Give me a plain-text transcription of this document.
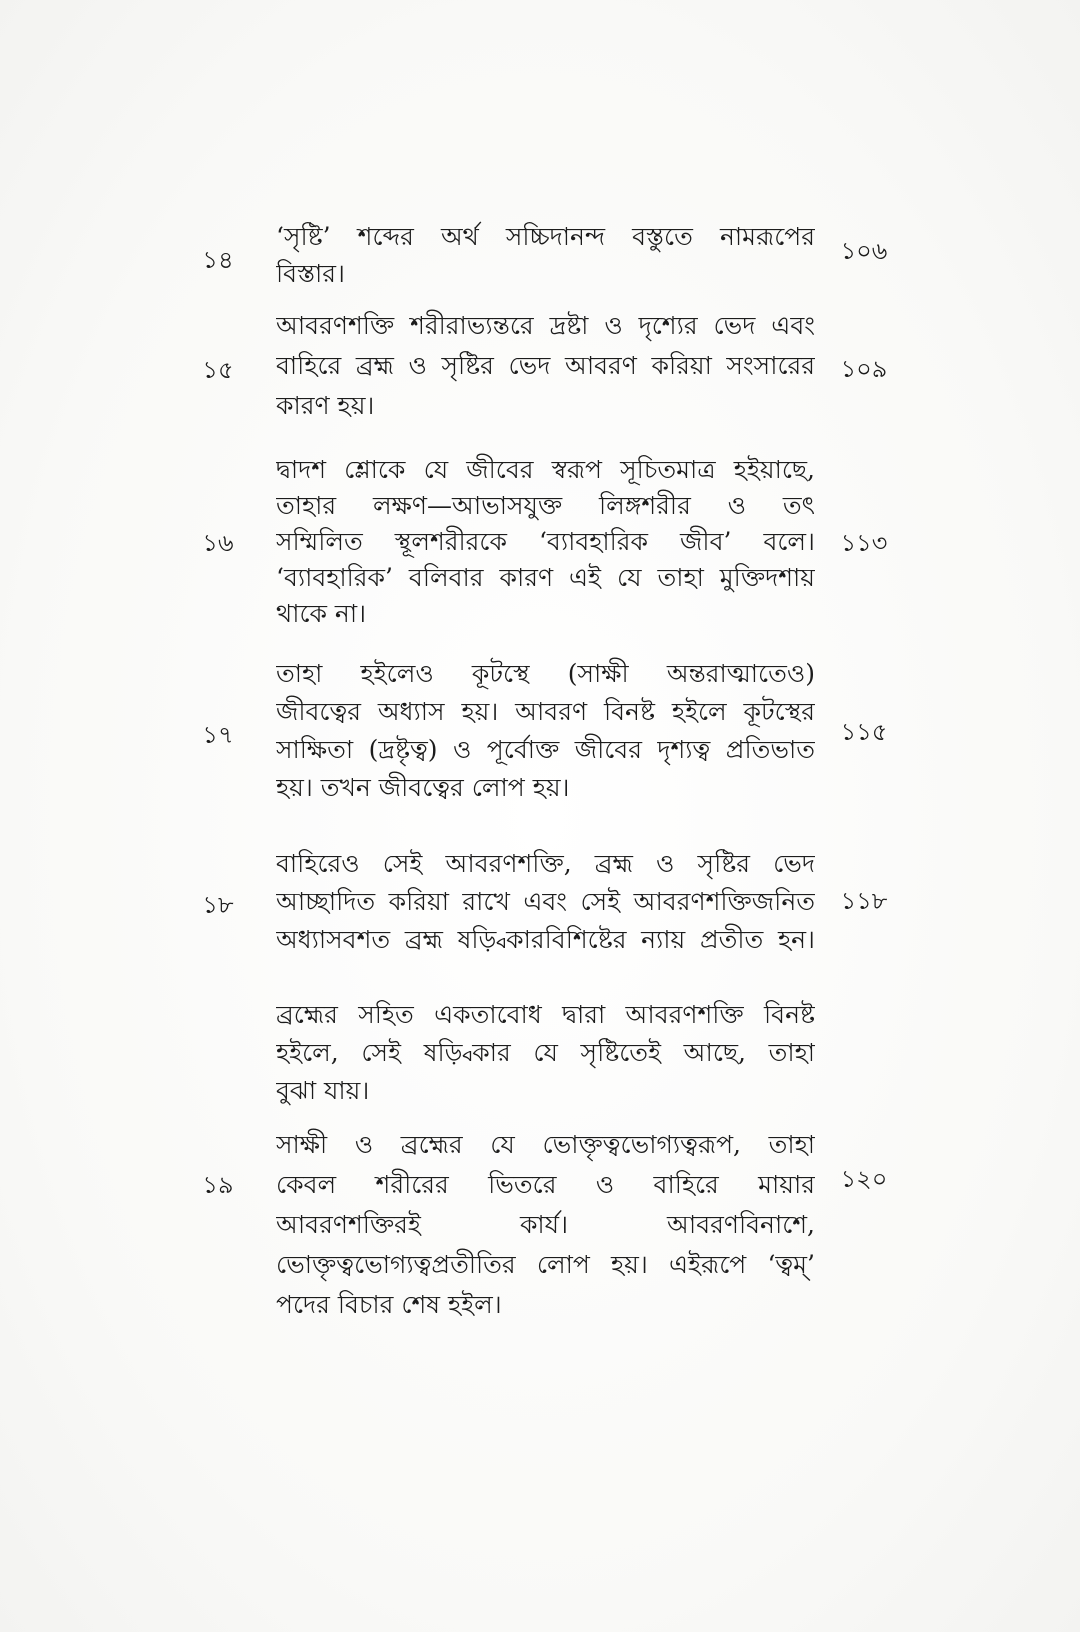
১৪
‘সৃষ্টি’ শব্দের অর্থ সচ্চিদানন্দ বস্তুতে নামরূপের
বিস্তার।
১০৬
১৫
আবরণশক্তি শরীরাভ্যন্তরে দ্রষ্টা ও দৃশ্যের ভেদ এবং
বাহিরে ব্রহ্ম ও সৃষ্টির ভেদ আবরণ করিয়া সংসারের
কারণ হয়।
১০৯
১৬
দ্বাদশ শ্লোকে যে জীবের স্বরূপ সূচিতমাত্র হইয়াছে,
তাহার লক্ষণ—আভাসযুক্ত লিঙ্গশরীর ও তৎ
সম্মিলিত স্থূলশরীরকে ‘ব্যাবহারিক জীব’ বলে।
‘ব্যাবহারিক’ বলিবার কারণ এই যে তাহা মুক্তিদশায়
থাকে না।
১১৩
১৭
তাহা হইলেও কূটস্থে (সাক্ষী অন্তরাত্মাতেও)
জীবত্বের অধ্যাস হয়। আবরণ বিনষ্ট হইলে কূটস্থের
সাক্ষিতা (দ্রষ্টৃত্ব) ও পূর্বোক্ত জীবের দৃশ্যত্ব প্রতিভাত
হয়। তখন জীবত্বের লোপ হয়।
১১৫
১৮
বাহিরেও সেই আবরণশক্তি, ব্রহ্ম ও সৃষ্টির ভেদ
আচ্ছাদিত করিয়া রাখে এবং সেই আবরণশক্তিজনিত
অধ্যাসবশত ব্রহ্ম ষড়্বিকারবিশিষ্টের ন্যায় প্রতীত হন।
১১৮
ব্রহ্মের সহিত একতাবোধ দ্বারা আবরণশক্তি বিনষ্ট
হইলে, সেই ষড়্বিকার যে সৃষ্টিতেই আছে, তাহা
বুঝা যায়।
১৯
সাক্ষী ও ব্রহ্মের যে ভোক্তৃত্বভোগ্যত্বরূপ, তাহা
কেবল শরীরের ভিতরে ও বাহিরে মায়ার
আবরণশক্তিরই কার্য। আবরণবিনাশে,
ভোক্তৃত্বভোগ্যত্বপ্রতীতির লোপ হয়। এইরূপে ‘ত্বম্’
পদের বিচার শেষ হইল।
১২০
